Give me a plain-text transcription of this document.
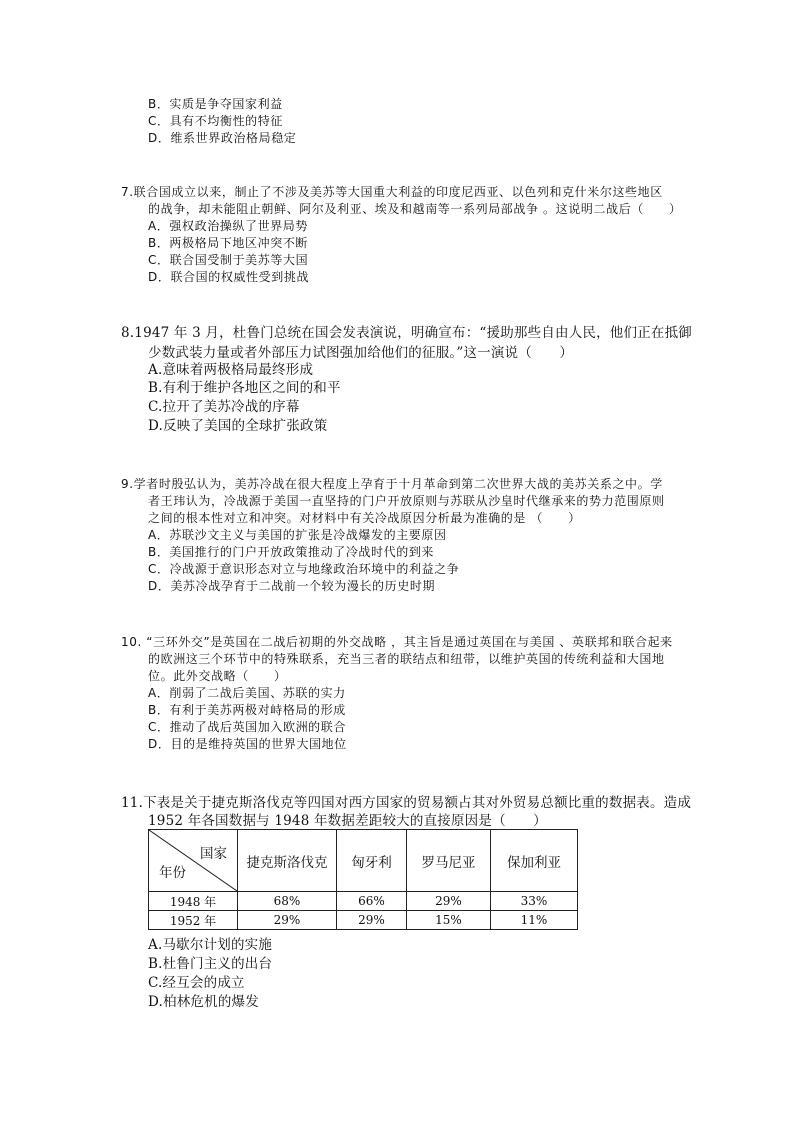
B．实质是争夺国家利益
C．具有不均衡性的特征
D．维系世界政治格局稳定
7.联合国成立以来，制止了不涉及美苏等大国重大利益的印度尼西亚、以色列和克什米尔这些地区
的战争，却未能阻止朝鲜、阿尔及利亚、埃及和越南等一系列局部战争 。这说明二战后（　　）
A．强权政治操纵了世界局势
B．两极格局下地区冲突不断
C．联合国受制于美苏等大国
D．联合国的权威性受到挑战
8.1947 年 3 月，杜鲁门总统在国会发表演说，明确宣布：“援助那些自由人民，他们正在抵御
少数武装力量或者外部压力试图强加给他们的征服。”这一演说（　　）
A.意味着两极格局最终形成
B.有利于维护各地区之间的和平
C.拉开了美苏冷战的序幕
D.反映了美国的全球扩张政策
9.学者时殷弘认为，美苏冷战在很大程度上孕育于十月革命到第二次世界大战的美苏关系之中。学
者王玮认为，冷战源于美国一直坚持的门户开放原则与苏联从沙皇时代继承来的势力范围原则
之间的根本性对立和冲突。对材料中有关冷战原因分析最为准确的是 （　　）
A．苏联沙文主义与美国的扩张是冷战爆发的主要原因
B．美国推行的门户开放政策推动了冷战时代的到来
C．冷战源于意识形态对立与地缘政治环境中的利益之争
D．美苏冷战孕育于二战前一个较为漫长的历史时期
10. “三环外交”是英国在二战后初期的外交战略 ，其主旨是通过英国在与美国 、英联邦和联合起来
的欧洲这三个环节中的特殊联系，充当三者的联结点和纽带，以维护英国的传统利益和大国地
位。此外交战略（　　）
A．削弱了二战后美国、苏联的实力
B．有利于美苏两极对峙格局的形成
C．推动了战后英国加入欧洲的联合
D．目的是维持英国的世界大国地位
11.下表是关于捷克斯洛伐克等四国对西方国家的贸易额占其对外贸易总额比重的数据表。造成
1952 年各国数据与 1948 年数据差距较大的直接原因是（　　）
国家
年份	捷克斯洛伐克	匈牙利	罗马尼亚	保加利亚
1948 年	68%	66%	29%	33%
1952 年	29%	29%	15%	11%
A.马歇尔计划的实施
B.杜鲁门主义的出台
C.经互会的成立
D.柏林危机的爆发
